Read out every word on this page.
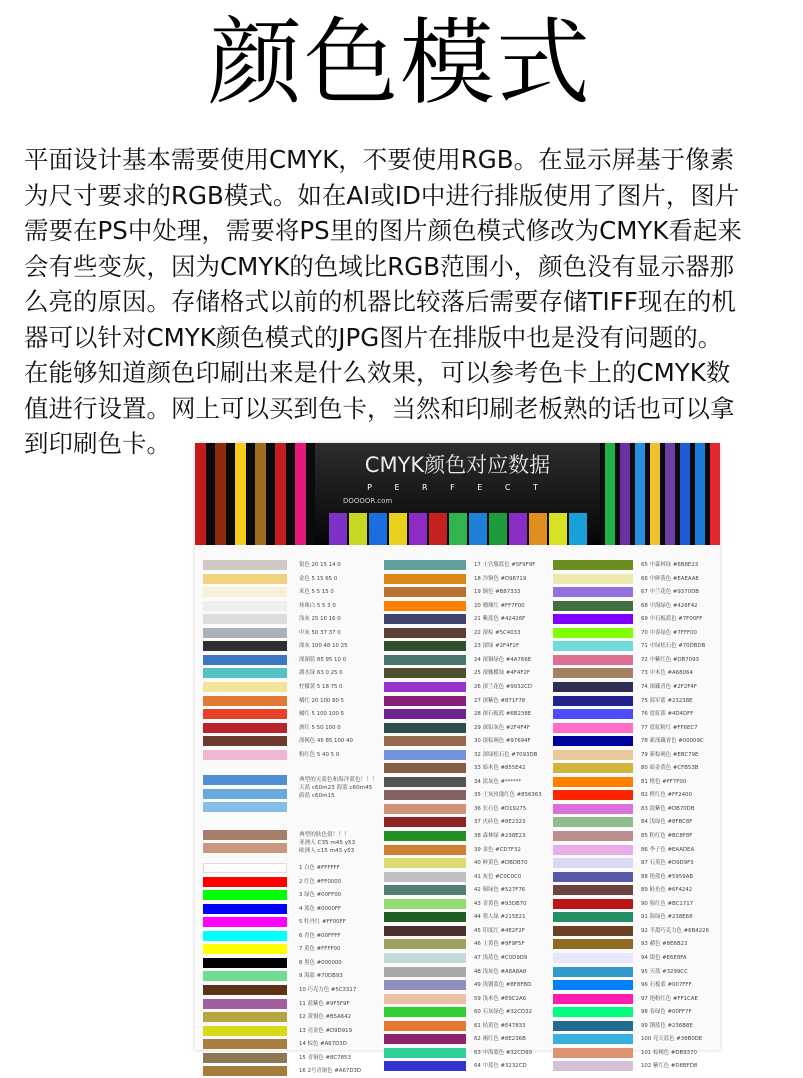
颜色模式
平面设计基本需要使用CMYK，不要使用RGB。在显示屏基于像素
为尺寸要求的RGB模式。如在AI或ID中进行排版使用了图片，图片
需要在PS中处理，需要将PS里的图片颜色模式修改为CMYK看起来
会有些变灰，因为CMYK的色域比RGB范围小，颜色没有显示器那
么亮的原因。存储格式以前的机器比较落后需要存储TIFF现在的机
器可以针对CMYK颜色模式的JPG图片在排版中也是没有问题的。
在能够知道颜色印刷出来是什么效果，可以参考色卡上的CMYK数
值进行设置。网上可以买到色卡，当然和印刷老板熟的话也可以拿
到印刷色卡。
CMYK颜色对应数据
P E R F E C T
DOOOOR.com
银色 20 15 14 0
金色 5 15 65 0
米色 5 5 15 0
珍珠白 5 5 3 0
浅灰 25 16 16 0
中灰 50 37 37 0
深灰 100 48 10 25
深湖蓝 85 95 10 0
湖水绿 63 0 25 0
柠檬黄 5 18 75 0
橘红 20 100 80 5
橘红 5 100 100 5
酒红 5 50 100 0
深褐色 45 85 100 40
粉红色 5 40 5 0
典型的天蓝色和海洋蓝色！！！
天蓝 c60m23 海蓝 c60m45
蔚蓝 c60m15
典型的肤色值！！！
亚洲人 C35 m45 y53
欧洲人 c15 m43 y53
1 白色 #FFFFFF
2 红色 #FF0000
3 绿色 #00FF00
4 蓝色 #0000FF
5 牡丹红 #FF00FF
6 青色 #00FFFF
7 黄色 #FFFF00
8 黑色 #000000
9 海蓝 #70DB93
10 巧克力色 #5C3317
11 蓝紫色 #9F5F9F
12 黄铜色 #B5A642
13 亮金色 #D9D919
14 棕色 #A67D3D
15 青铜色 #8C7853
16 2号青铜色 #A67D3D
17 士官服蓝色 #5F9F9F
18 冷铜色 #D98719
19 铜色 #B87333
20 珊瑚红 #FF7F00
21 紫蓝色 #42426F
22 深棕 #5C4033
23 深绿 #2F4F2F
24 深铜绿色 #4A766E
25 深橄榄绿 #4F4F2F
26 深兰花色 #9932CD
27 深紫色 #871F78
28 深石板蓝 #6B238E
29 深铅灰色 #2F4F4F
30 深棕褐色 #97694F
32 深绿松石色 #7093DB
33 暗木色 #855E42
34 淡灰色 #******
35 土灰玫瑰红色 #856363
36 长石色 #D19275
37 火砖色 #8E2323
38 森林绿 #238E23
39 金色 #CD7F32
40 鲜黄色 #DBDB70
41 灰色 #C0C0C0
42 铜绿色 #527F76
43 青黄色 #93DB70
44 猎人绿 #215E21
45 印度红 #4E2F2F
46 土黄色 #9F9F5F
47 浅蓝色 #C0D9D9
48 浅灰色 #A8A8A8
49 浅钢蓝色 #8F8FBD
59 浅木色 #E9C2A6
60 石灰绿色 #32CD32
61 桔黄色 #E47833
62 褐红色 #8E236B
63 中海蓝色 #32CD99
64 中蓝色 #3232CD
65 中森林绿 #6B8E23
66 中鲜黄色 #EAEAAE
67 中兰花色 #9370DB
68 中海绿色 #426F42
69 中石板蓝色 #7F00FF
70 中春绿色 #7FFF00
71 中绿松石色 #70DBDB
72 中紫红色 #DB7093
73 中木色 #A68064
74 深藏青色 #2F2F4F
75 海军蓝 #23238E
76 霓虹篮 #4D4DFF
77 霓虹粉红 #FF6EC7
78 新深藏青色 #00009C
79 新棕褐色 #EBC79E
80 暗金黄色 #CFB53B
81 橙色 #FF7F00
82 橙红色 #FF2400
83 淡紫色 #DB70DB
84 浅绿色 #8FBC8F
85 粉红色 #BC8F8F
86 李子色 #EAADEA
87 石英色 #D9D9F3
88 艳蓝色 #5959AB
89 鲑鱼色 #6F4242
90 猩红色 #BC1717
91 海绿色 #238E68
92 半甜巧克力色 #6B4226
93 赭色 #8E6B23
94 银色 #E6E8FA
95 天蓝 #3299CC
96 石板蓝 #007FFF
97 艳粉红色 #FF1CAE
98 春绿色 #00FF7F
99 钢蓝色 #236B8E
100 亮天蓝色 #38B0DE
101 棕褐色 #DB9370
102 紫红色 #D8BFD8
